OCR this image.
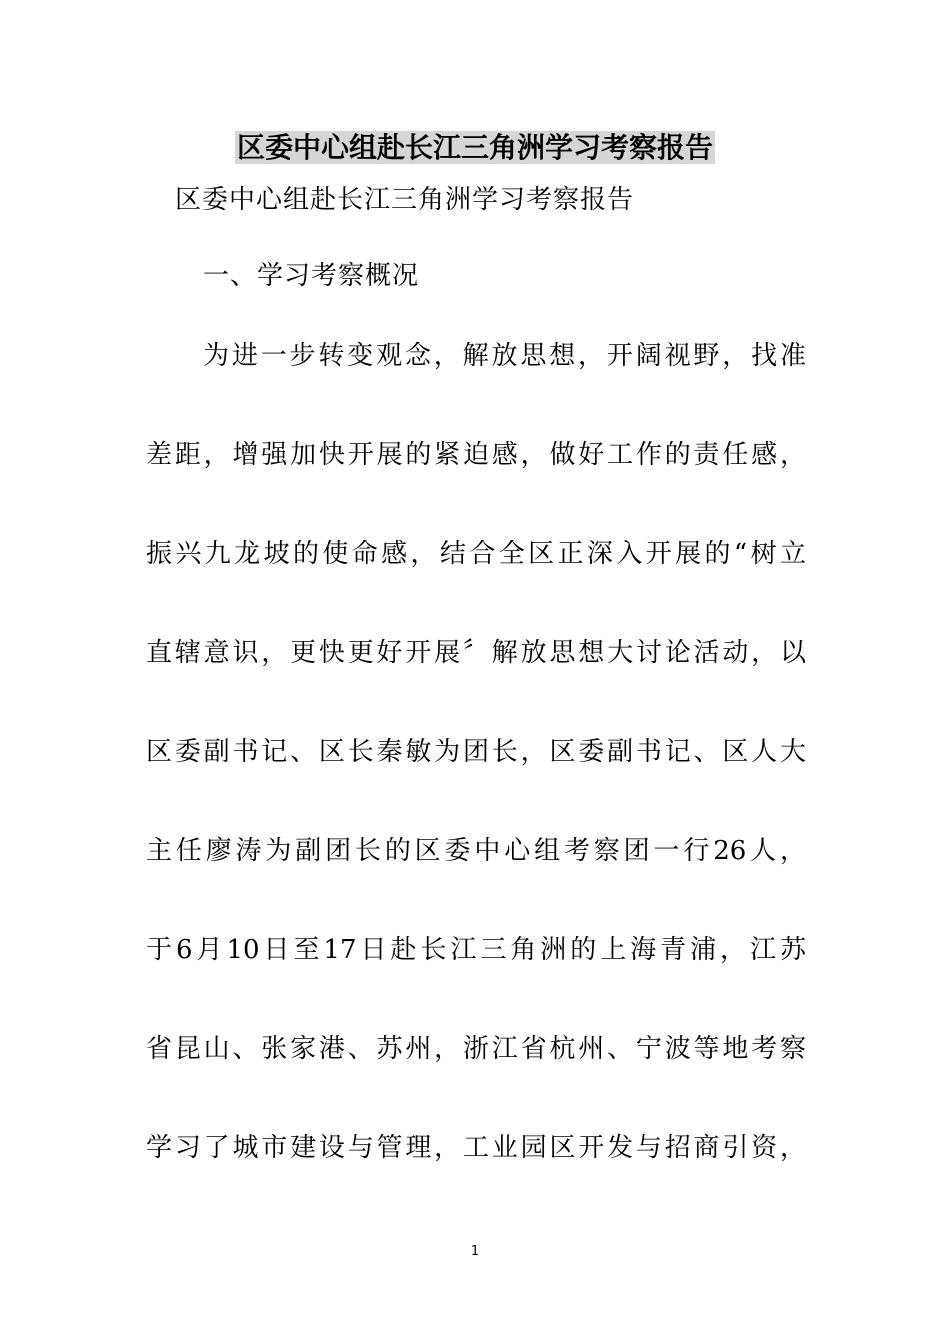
区委中心组赴长江三角洲学习考察报告
区委中心组赴长江三角洲学习考察报告
一、学习考察概况
为进一步转变观念，解放思想，开阔视野，找准
差距，增强加快开展的紧迫感，做好工作的责任感，
振兴九龙坡的使命感，结合全区正深入开展的“树立
直辖意识，更快更好开展〞解放思想大讨论活动，以
区委副书记、区长秦敏为团长，区委副书记、区人大
主任廖涛为副团长的区委中心组考察团一行26人，
于6月10日至17日赴长江三角洲的上海青浦，江苏
省昆山、张家港、苏州，浙江省杭州、宁波等地考察
学习了城市建设与管理，工业园区开发与招商引资，
1
